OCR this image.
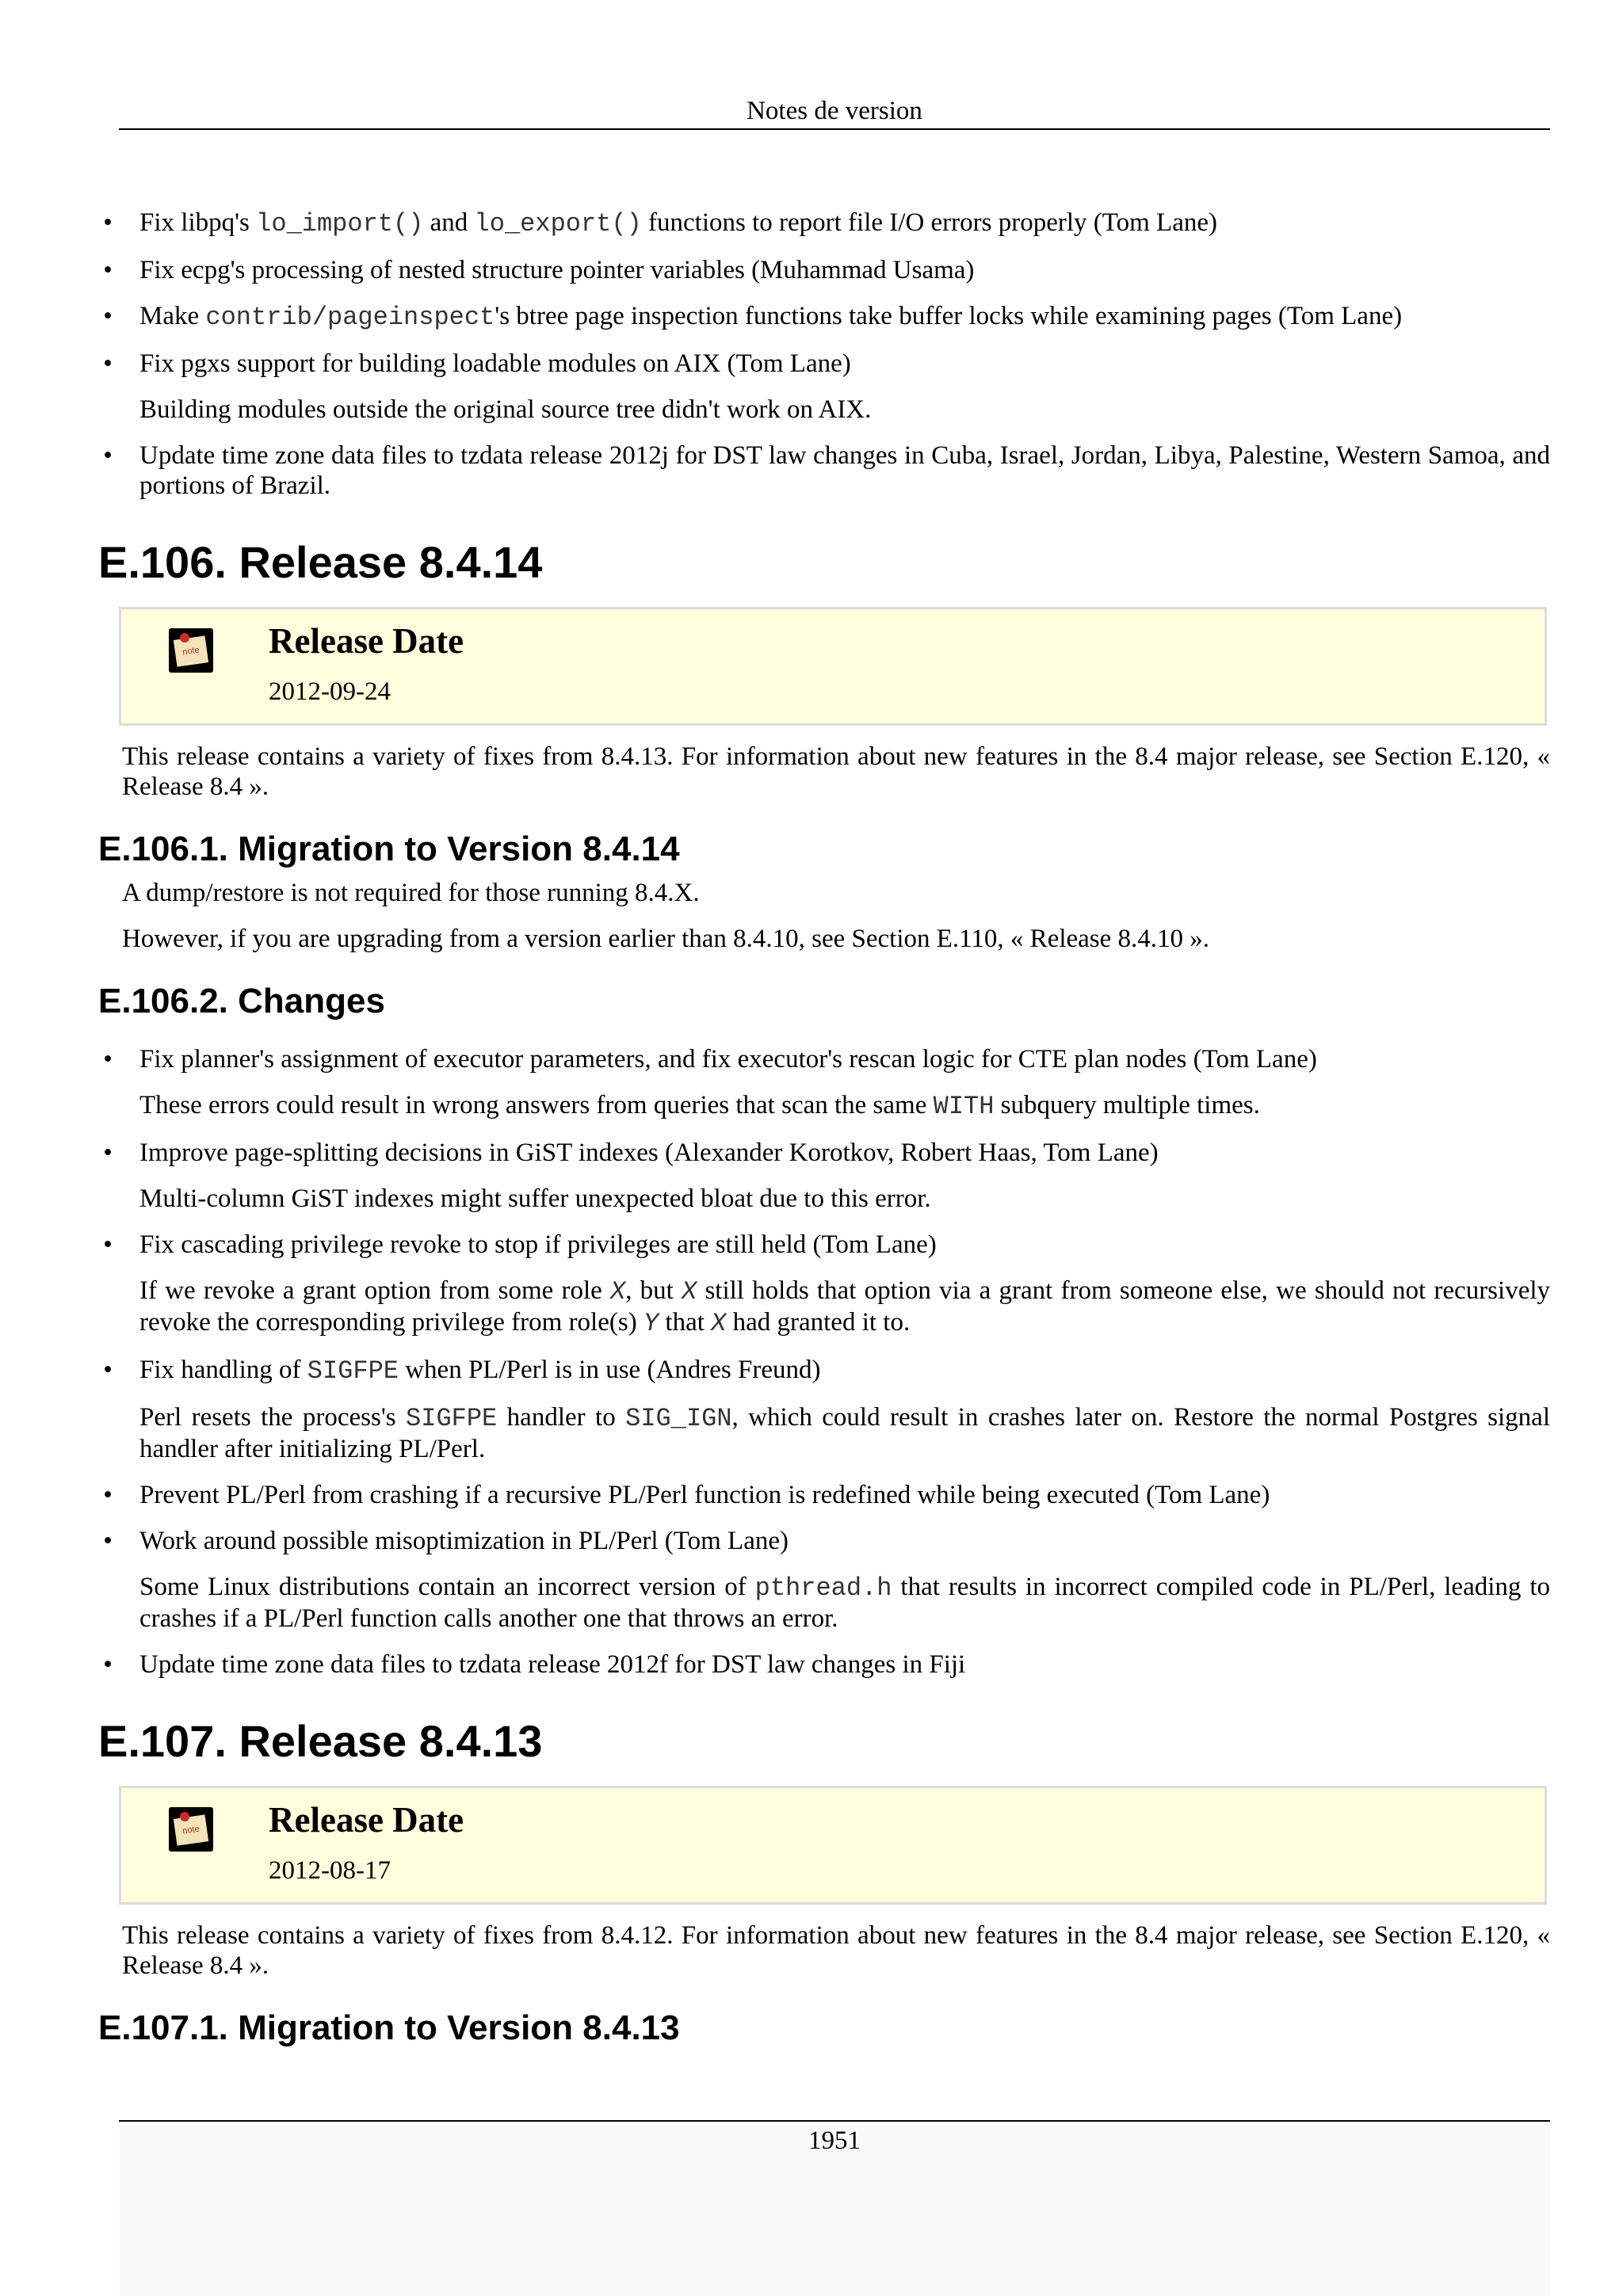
Notes de version
• Fix libpq's lo_import() and lo_export() functions to report file I/O errors properly (Tom Lane)
• Fix ecpg's processing of nested structure pointer variables (Muhammad Usama)
• Make contrib/pageinspect's btree page inspection functions take buffer locks while examining pages (Tom Lane)
• Fix pgxs support for building loadable modules on AIX (Tom Lane)
Building modules outside the original source tree didn't work on AIX.
• Update time zone data files to tzdata release 2012j for DST law changes in Cuba, Israel, Jordan, Libya, Palestine, Western Samoa, and portions of Brazil.
E.106. Release 8.4.14
note Release Date
2012-09-24

This release contains a variety of fixes from 8.4.13. For information about new features in the 8.4 major release, see Section E.120, « Release 8.4 ».

E.106.1. Migration to Version 8.4.14

A dump/restore is not required for those running 8.4.X.

However, if you are upgrading from a version earlier than 8.4.10, see Section E.110, « Release 8.4.10 ».

E.106.2. Changes
• Fix planner's assignment of executor parameters, and fix executor's rescan logic for CTE plan nodes (Tom Lane)
These errors could result in wrong answers from queries that scan the same WITH subquery multiple times.
• Improve page-splitting decisions in GiST indexes (Alexander Korotkov, Robert Haas, Tom Lane)
Multi-column GiST indexes might suffer unexpected bloat due to this error.
• Fix cascading privilege revoke to stop if privileges are still held (Tom Lane)
If we revoke a grant option from some role X, but X still holds that option via a grant from someone else, we should not recursively revoke the corresponding privilege from role(s) Y that X had granted it to.
• Fix handling of SIGFPE when PL/Perl is in use (Andres Freund)
Perl resets the process's SIGFPE handler to SIG_IGN, which could result in crashes later on. Restore the normal Postgres signal handler after initializing PL/Perl.
• Prevent PL/Perl from crashing if a recursive PL/Perl function is redefined while being executed (Tom Lane)
• Work around possible misoptimization in PL/Perl (Tom Lane)
Some Linux distributions contain an incorrect version of pthread.h that results in incorrect compiled code in PL/Perl, leading to crashes if a PL/Perl function calls another one that throws an error.
• Update time zone data files to tzdata release 2012f for DST law changes in Fiji
E.107. Release 8.4.13
note Release Date
2012-08-17

This release contains a variety of fixes from 8.4.12. For information about new features in the 8.4 major release, see Section E.120, « Release 8.4 ».

E.107.1. Migration to Version 8.4.13
1951
